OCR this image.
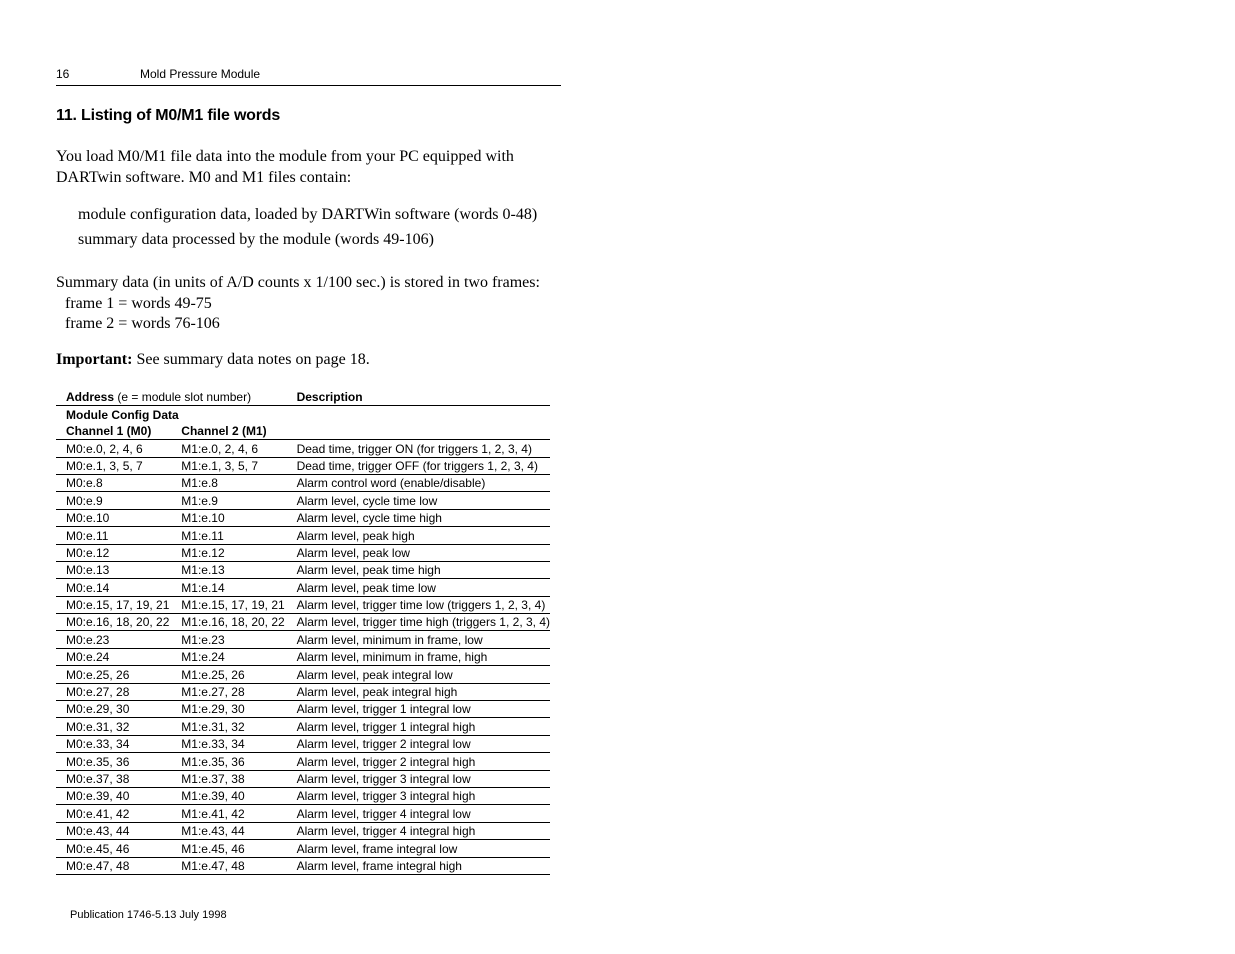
16	Mold Pressure Module
11. Listing of M0/M1 file words
You load M0/M1 file data into the module from your PC equipped with
DARTwin software. M0 and M1 files contain:
module configuration data, loaded by DARTWin software (words 0-48)
summary data processed by the module (words 49-106)
Summary data (in units of A/D counts x 1/100 sec.) is stored in two frames:
frame 1 = words 49-75
frame 2 = words 76-106
Important: See summary data notes on page 18.
Address (e = module slot number)		Description
Module Config Data		
Channel 1 (M0)	Channel 2 (M1)	
M0:e.0, 2, 4, 6	M1:e.0, 2, 4, 6	Dead time, trigger ON (for triggers 1, 2, 3, 4)
M0:e.1, 3, 5, 7	M1:e.1, 3, 5, 7	Dead time, trigger OFF (for triggers 1, 2, 3, 4)
M0:e.8	M1:e.8	Alarm control word (enable/disable)
M0:e.9	M1:e.9	Alarm level, cycle time low
M0:e.10	M1:e.10	Alarm level, cycle time high
M0:e.11	M1:e.11	Alarm level, peak high
M0:e.12	M1:e.12	Alarm level, peak low
M0:e.13	M1:e.13	Alarm level, peak time high
M0:e.14	M1:e.14	Alarm level, peak time low
M0:e.15, 17, 19, 21	M1:e.15, 17, 19, 21	Alarm level, trigger time low (triggers 1, 2, 3, 4)
M0:e.16, 18, 20, 22	M1:e.16, 18, 20, 22	Alarm level, trigger time high (triggers 1, 2, 3, 4)
M0:e.23	M1:e.23	Alarm level, minimum in frame, low
M0:e.24	M1:e.24	Alarm level, minimum in frame, high
M0:e.25, 26	M1:e.25, 26	Alarm level, peak integral low
M0:e.27, 28	M1:e.27, 28	Alarm level, peak integral high
M0:e.29, 30	M1:e.29, 30	Alarm level, trigger 1 integral low
M0:e.31, 32	M1:e.31, 32	Alarm level, trigger 1 integral high
M0:e.33, 34	M1:e.33, 34	Alarm level, trigger 2 integral low
M0:e.35, 36	M1:e.35, 36	Alarm level, trigger 2 integral high
M0:e.37, 38	M1:e.37, 38	Alarm level, trigger 3 integral low
M0:e.39, 40	M1:e.39, 40	Alarm level, trigger 3 integral high
M0:e.41, 42	M1:e.41, 42	Alarm level, trigger 4 integral low
M0:e.43, 44	M1:e.43, 44	Alarm level, trigger 4 integral high
M0:e.45, 46	M1:e.45, 46	Alarm level, frame integral low
M0:e.47, 48	M1:e.47, 48	Alarm level, frame integral high
Publication 1746-5.13 July 1998
